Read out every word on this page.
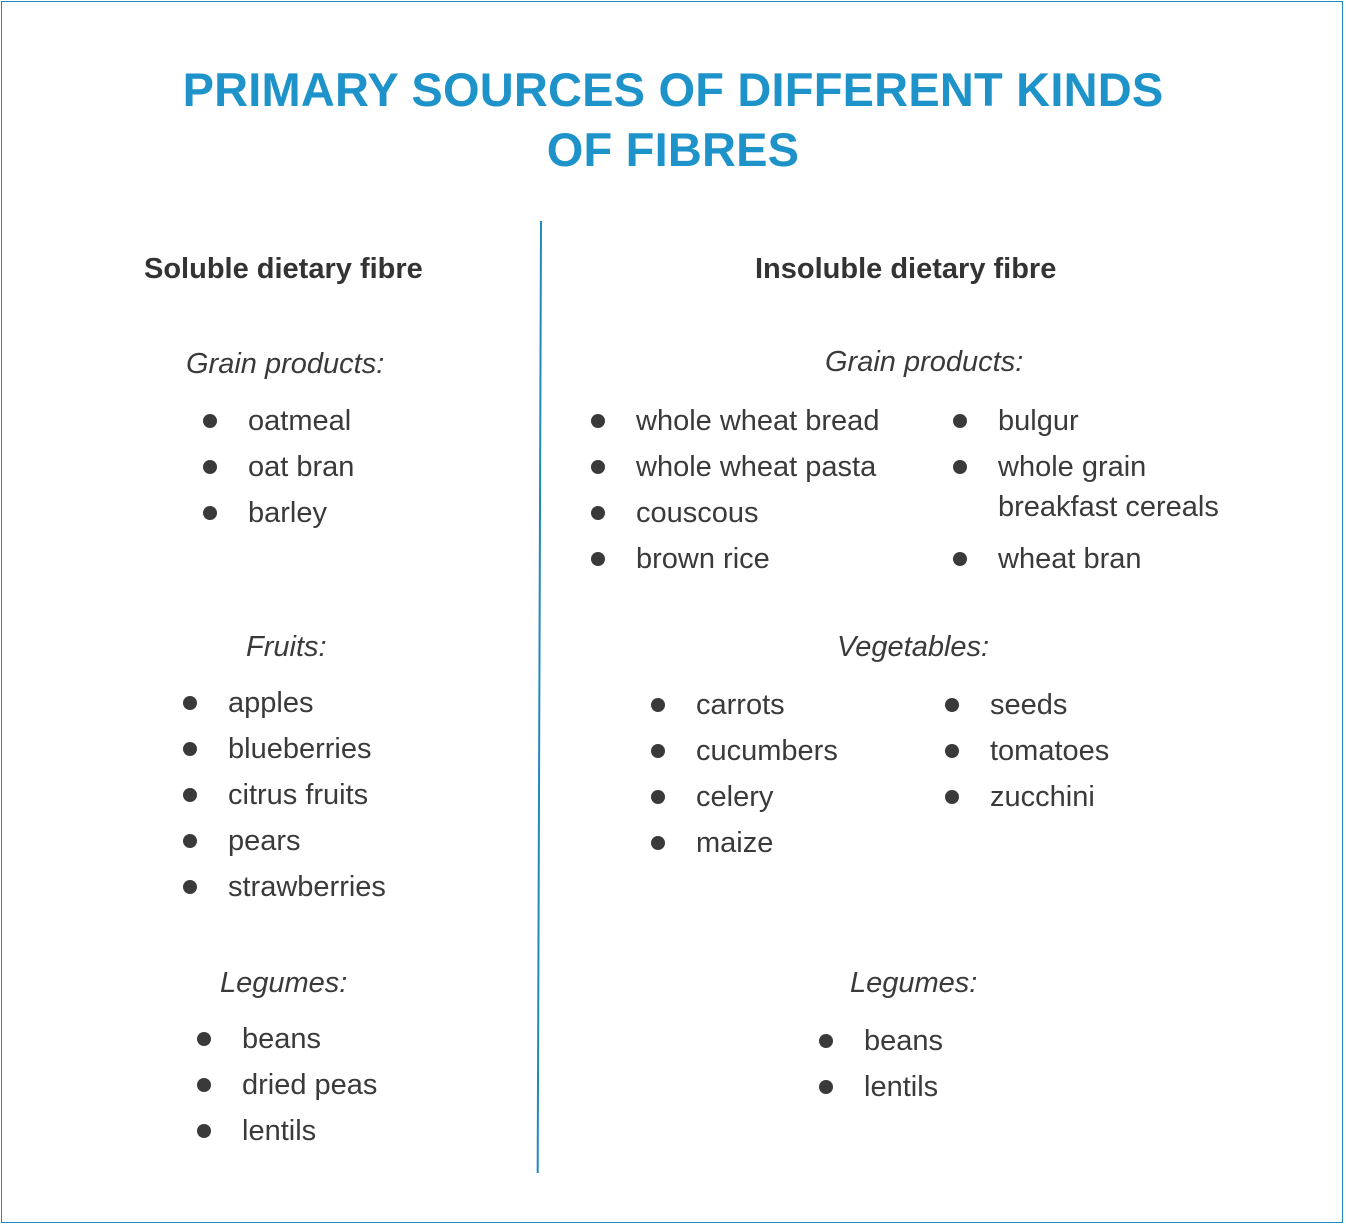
PRIMARY SOURCES OF DIFFERENT KINDS
OF FIBRES
Soluble dietary fibre
Grain products:
oatmeal
oat bran
barley
Fruits:
apples
blueberries
citrus fruits
pears
strawberries
Legumes:
beans
dried peas
lentils
Insoluble dietary fibre
Grain products:
whole wheat bread
whole wheat pasta
couscous
brown rice
bulgur
whole grain
breakfast cereals
wheat bran
Vegetables:
carrots
cucumbers
celery
maize
seeds
tomatoes
zucchini
Legumes:
beans
lentils
